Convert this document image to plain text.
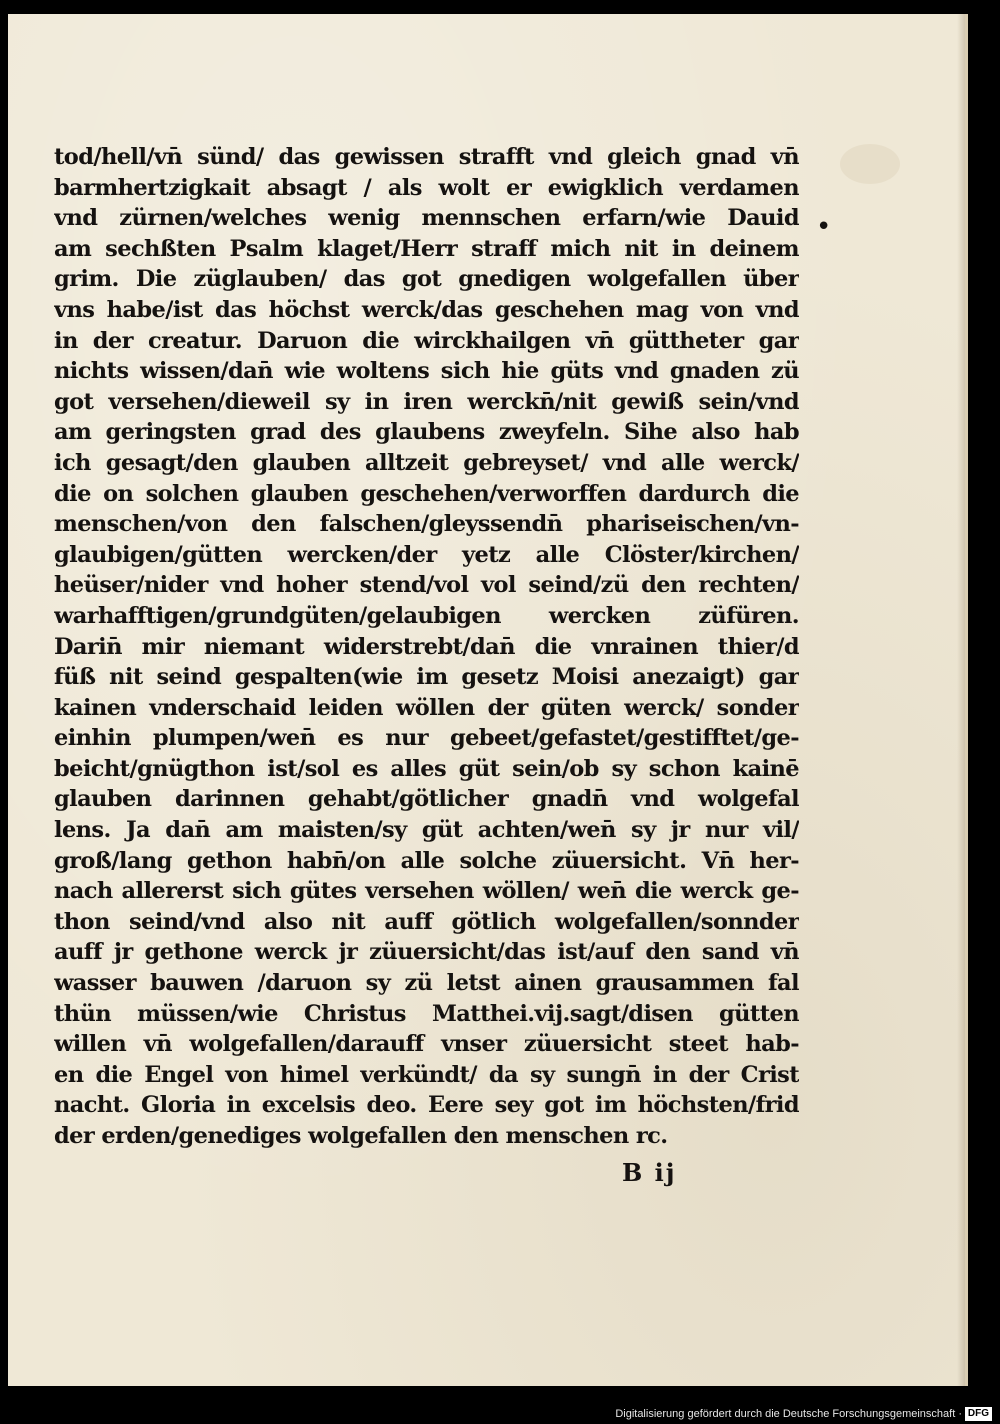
tod/hell/vn̄ sünd/ das gewissen strafft vnd gleich gnad vn̄
barmhertzigkait absagt / als wolt er ewigklich verdamen
vnd zürnen/welches wenig mennschen erfarn/wie Dauid
am sechßten Psalm klaget/Herr straff mich nit in deinem
grim. Die züglauben/ das got gnedigen wolgefallen über
vns habe/ist das höchst werck/das geschehen mag von vnd
in der creatur. Daruon die wirckhailgen vn̄ güttheter gar
nichts wissen/dan̄ wie woltens sich hie güts vnd gnaden zü
got versehen/dieweil sy in iren werckn̄/nit gewiß sein/vnd
am geringsten grad des glaubens zweyfeln. Sihe also hab
ich gesagt/den glauben alltzeit gebreyset/ vnd alle werck/
die on solchen glauben geschehen/verworffen dardurch die
menschen/von den falschen/gleyssendn̄ phariseischen/vn-
glaubigen/gütten wercken/der yetz alle Clöster/kirchen/
heüser/nider vnd hoher stend/vol vol seind/zü den rechten/
warhafftigen/grundgüten/gelaubigen wercken züfüren.
Darin̄ mir niemant widerstrebt/dan̄ die vnrainen thier/d
füß nit seind gespalten(wie im gesetz Moisi anezaigt) gar
kainen vnderschaid leiden wöllen der güten werck/ sonder
einhin plumpen/wen̄ es nur gebeet/gefastet/gestifftet/ge-
beicht/gnügthon ist/sol es alles güt sein/ob sy schon kainē
glauben darinnen gehabt/götlicher gnadn̄ vnd wolgefal
lens. Ja dan̄ am maisten/sy güt achten/wen̄ sy jr nur vil/
groß/lang gethon habn̄/on alle solche züuersicht. Vn̄ her-
nach allererst sich gütes versehen wöllen/ wen̄ die werck ge-
thon seind/vnd also nit auff götlich wolgefallen/sonnder
auff jr gethone werck jr züuersicht/das ist/auf den sand vn̄
wasser bauwen /daruon sy zü letst ainen grausammen fal
thün müssen/wie Christus Matthei.vij.sagt/disen gütten
willen vn̄ wolgefallen/darauff vnser züuersicht steet hab-
en die Engel von himel verkündt/ da sy sungn̄ in der Crist
nacht. Gloria in excelsis deo. Eere sey got im höchsten/frid
der erden/genediges wolgefallen den menschen rc.
•
B ij
Digitalisierung gefördert durch die Deutsche Forschungsgemeinschaft · DFG
